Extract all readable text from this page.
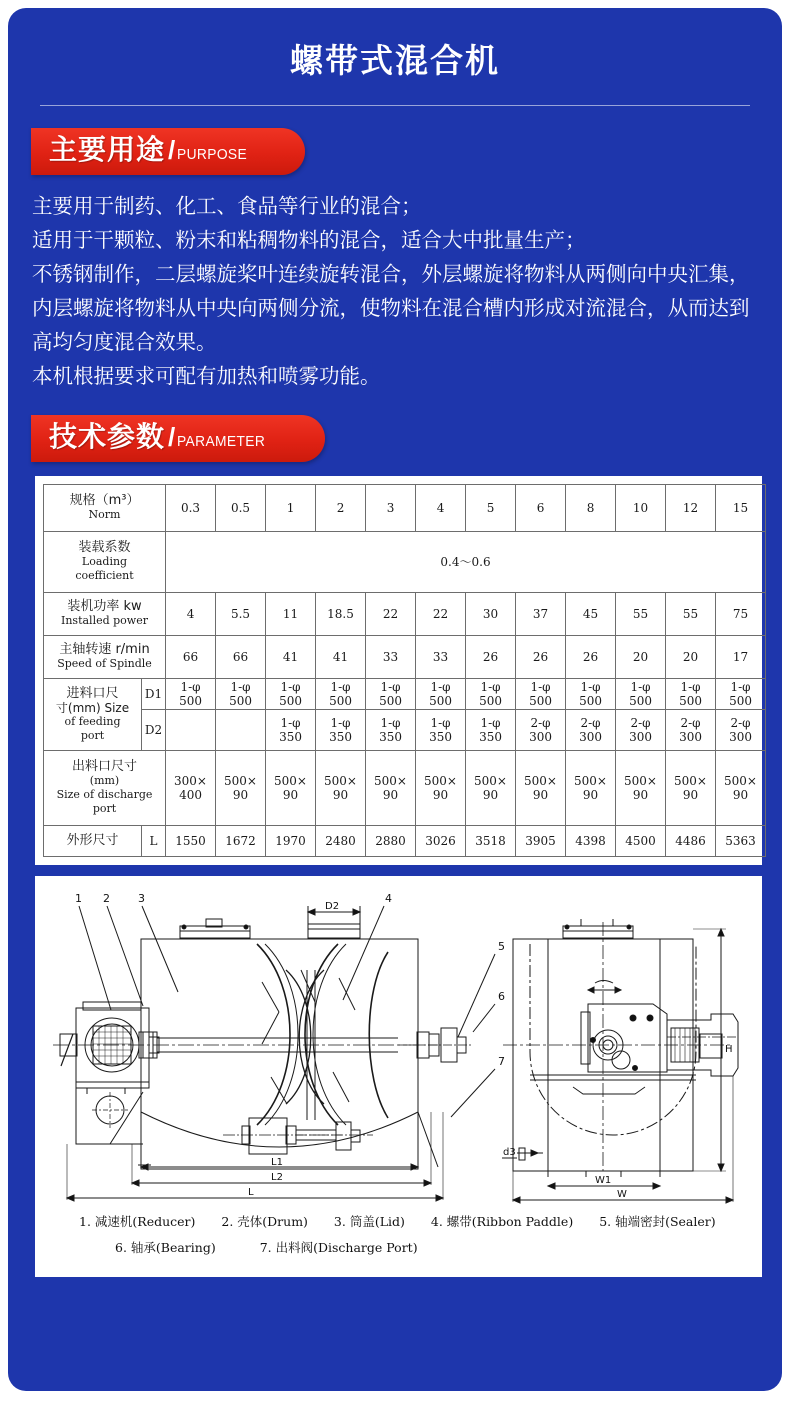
螺带式混合机
主要用途 / PURPOSE

主要用于制药、化工、食品等行业的混合；

适用于干颗粒、粉末和粘稠物料的混合，适合大中批量生产；

不锈钢制作，二层螺旋桨叶连续旋转混合，外层螺旋将物料从两侧向中央汇集，内层螺旋将物料从中央向两侧分流，使物料在混合槽内形成对流混合，从而达到高均匀度混合效果。

本机根据要求可配有加热和喷雾功能。

技术参数 / PARAMETER
规格（m³）
Norm		0.3	0.5	1	2	3	4	5	6	8	10	12	15

装载系数
Loading
coefficient		0.4～0.6											

装机功率 kw
Installed power		4	5.5	11	18.5	22	22	30	37	45	55	55	75

主轴转速 r/min
Speed of Spindle		66	66	41	41	33	33	26	26	26	20	20	17

进料口尺
寸(mm) Size
of feeding
port
	D1	1-φ
500	1-φ
500	1-φ
500	1-φ
500	1-φ
500	1-φ
500	1-φ
500	1-φ
500	1-φ
500	1-φ
500	1-φ
500	1-φ
500
	D2			1-φ
350	1-φ
350	1-φ
350	1-φ
350	1-φ
350	2-φ
300	2-φ
300	2-φ
300	2-φ
300	2-φ
300

出料口尺寸
(mm)
Size of discharge
port
	300×
400	500×
90	500×
90	500×
90	500×
90	500×
90	500×
90	500×
90	500×
90	500×
90	500×
90	500×
90

外形尺寸	L	1550	1672	1970	2480	2880	3026	3518	3905	4398	4500	4486	5363
D2
L1
L2
L
1 2	3	4
d3
W1
W
H
5
6
7
1. 减速机(Reducer) 2. 壳体(Drum) 3. 筒盖(Lid) 4. 螺带(Ribbon Paddle) 5. 轴端密封(Sealer)
6. 轴承(Bearing)	7. 出料阀(Discharge Port)
